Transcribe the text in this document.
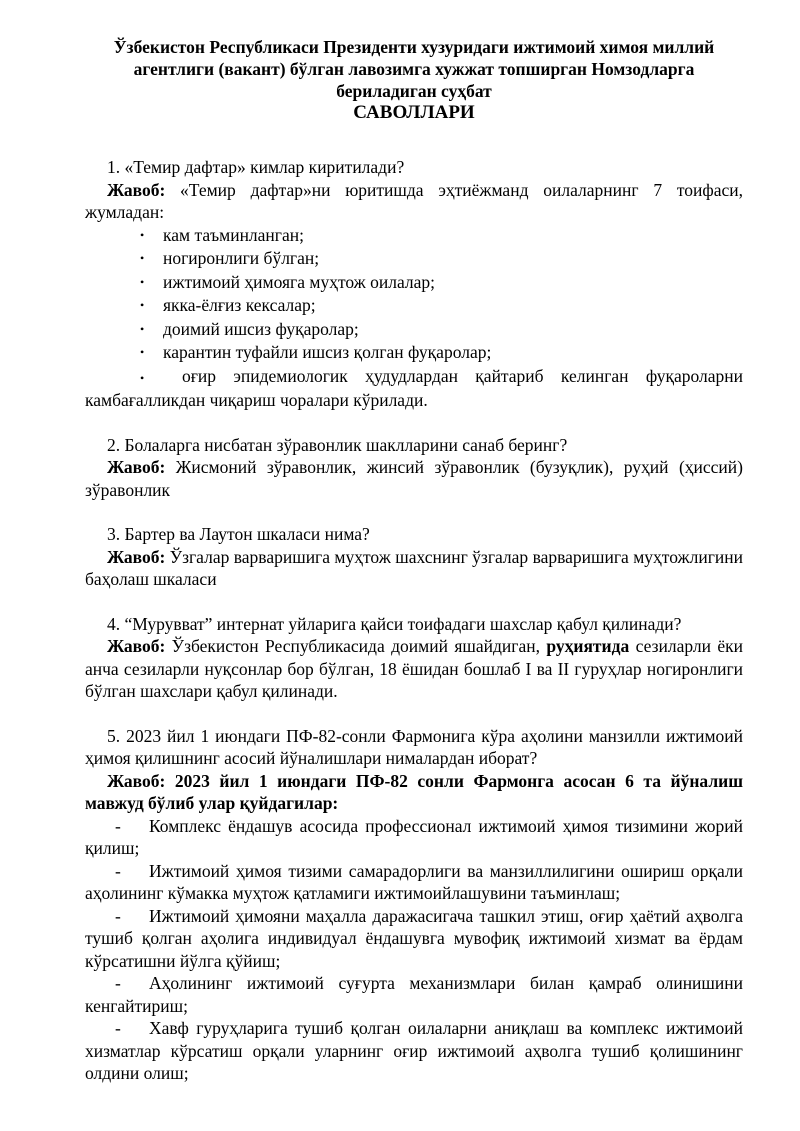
Ўзбекистон Республикаси Президенти хузуридаги ижтимоий химоя миллий

агентлиги (вакант) бўлган лавозимга хужжат топширган Номзодларга

бериладиган суҳбат

САВОЛЛАРИ

1. «Темир дафтар» кимлар киритилади?

Жавоб: «Темир дафтар»ни юритишда эҳтиёжманд оилаларнинг 7 тоифаси, жумладан:

• кам таъминланган;
• ногиронлиги бўлган;
• ижтимоий ҳимояга муҳтож оилалар;
• якка-ёлғиз кексалар;
• доимий ишсиз фуқаролар;
• карантин туфайли ишсиз қолган фуқаролар;

• оғир эпидемиологик ҳудудлардан қайтариб келинган фуқароларни камбағалликдан чиқариш чоралари кўрилади.

2. Болаларга нисбатан зўравонлик шаклларини санаб беринг?

Жавоб: Жисмоний зўравонлик, жинсий зўравонлик (бузуқлик), руҳий (ҳиссий) зўравонлик

3. Бартер ва Лаутон шкаласи нима?

Жавоб: Ўзгалар варваришига муҳтож шахснинг ўзгалар варваришига муҳтожлигини баҳолаш шкаласи

4. “Мурувват” интернат уйларига қайси тоифадаги шахслар қабул қилинади?

Жавоб: Ўзбекистон Республикасида доимий яшайдиган, руҳиятида сезиларли ёки анча сезиларли нуқсонлар бор бўлган, 18 ёшидан бошлаб I ва II гуруҳлар ногиронлиги бўлган шахслари қабул қилинади.

5. 2023 йил 1 июндаги ПФ-82-сонли Фармонига кўра аҳолини манзилли ижтимоий ҳимоя қилишнинг асосий йўналишлари нималардан иборат?

Жавоб: 2023 йил 1 июндаги ПФ-82 сонли Фармонга асосан 6 та йўналиш мавжуд бўлиб улар қуйдагилар:

- Комплекс ёндашув асосида профессионал ижтимоий ҳимоя тизимини жорий қилиш;

- Ижтимоий ҳимоя тизими самарадорлиги ва манзиллилигини ошириш орқали аҳолининг кўмакка муҳтож қатламиги ижтимоийлашувини таъминлаш;

- Ижтимоий ҳимояни маҳалла даражасигача ташкил этиш, оғир ҳаётий аҳволга тушиб қолган аҳолига индивидуал ёндашувга мувофиқ ижтимоий хизмат ва ёрдам кўрсатишни йўлга қўйиш;

- Аҳолининг ижтимоий суғурта механизмлари билан қамраб олинишини кенгайтириш;

- Хавф гуруҳларига тушиб қолган оилаларни аниқлаш ва комплекс ижтимоий хизматлар кўрсатиш орқали уларнинг оғир ижтимоий аҳволга тушиб қолишининг олдини олиш;
